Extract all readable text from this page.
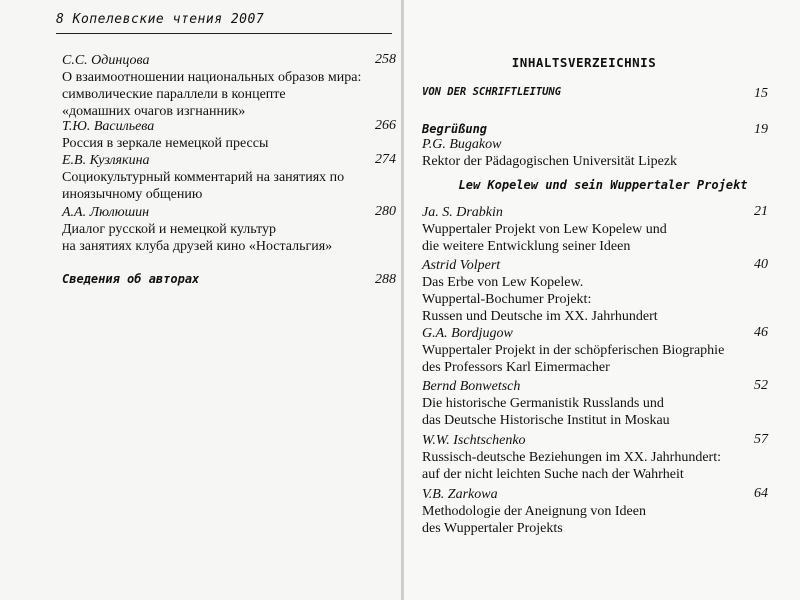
8 Копелевские чтения 2007
С.С. Одинцова	258
О взаимоотношении национальных образов мира:
символические параллели в концепте
«домашних очагов изгнанник»
Т.Ю. Васильева	266
Россия в зеркале немецкой прессы
Е.В. Кузлякина	274
Социокультурный комментарий на занятиях по
иноязычному общению
А.А. Люлюшин	280
Диалог русской и немецкой культур
на занятиях клуба друзей кино «Ностальгия»
Сведения об авторах	288
INHALTSVERZEICHNIS
VON DER SCHRIFTLEITUNG	15
Begrüßung	19
P.G. Bugakow
Rektor der Pädagogischen Universität Lipezk
Lew Kopelew und sein Wuppertaler Projekt
Ja. S. Drabkin	21
Wuppertaler Projekt von Lew Kopelew und
die weitere Entwicklung seiner Ideen
Astrid Volpert	40
Das Erbe von Lew Kopelew.
Wuppertal-Bochumer Projekt:
Russen und Deutsche im XX. Jahrhundert
G.A. Bordjugow	46
Wuppertaler Projekt in der schöpferischen Biographie
des Professors Karl Eimermacher
Bernd Bonwetsch	52
Die historische Germanistik Russlands und
das Deutsche Historische Institut in Moskau
W.W. Ischtschenko	57
Russisch-deutsche Beziehungen im XX. Jahrhundert:
auf der nicht leichten Suche nach der Wahrheit
V.B. Zarkowa	64
Methodologie der Aneignung von Ideen
des Wuppertaler Projekts
